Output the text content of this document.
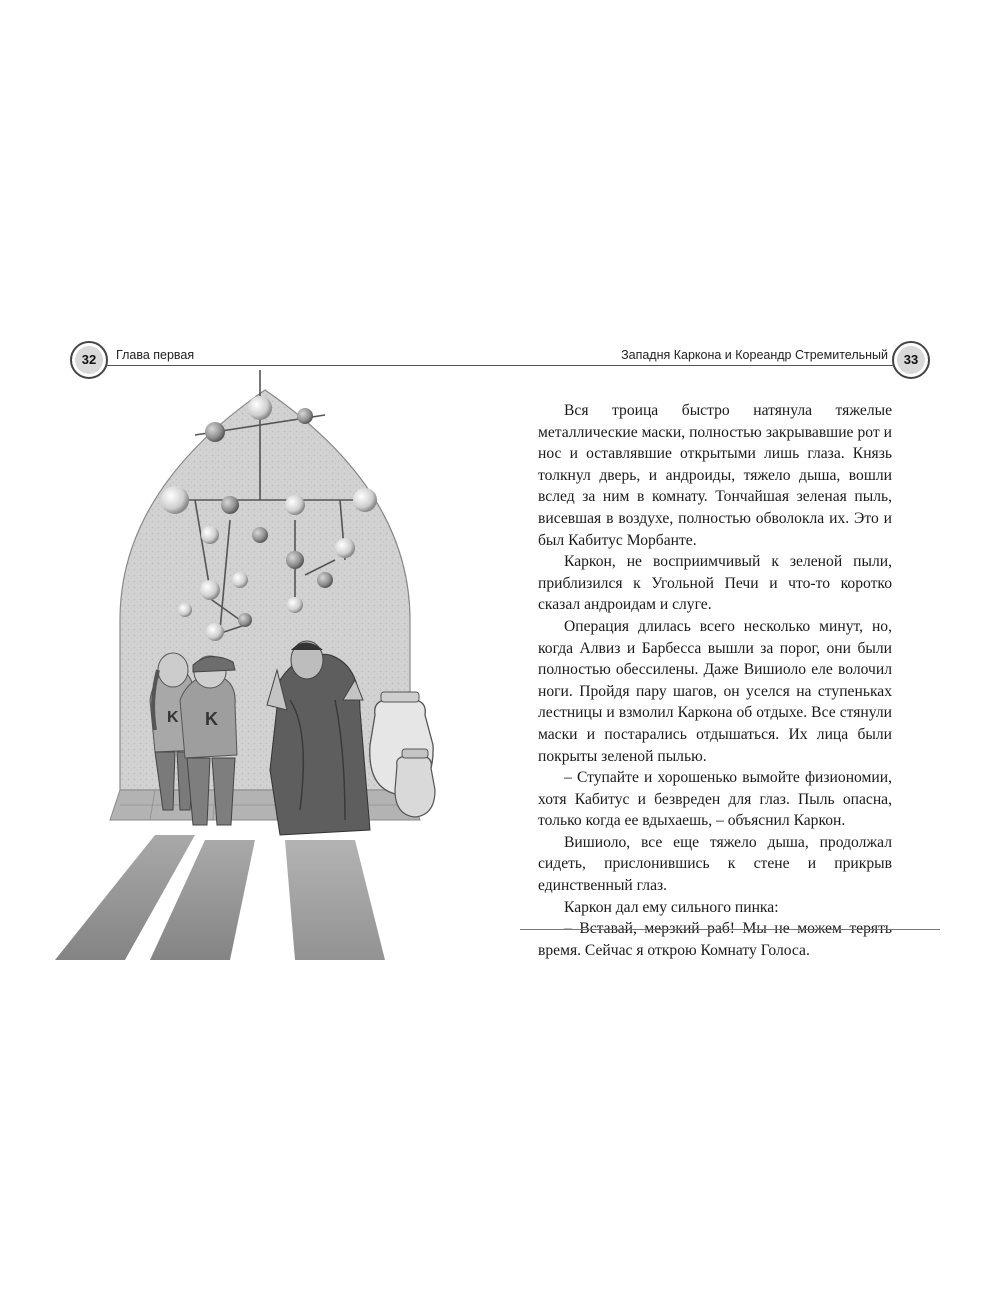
32	Глава первая	Западня Каркона и Кореандр Стремительный	33
K K

Вся троица быстро натянула тяжелые металлические маски, полностью закрывавшие рот и нос и оставлявшие открытыми лишь глаза. Князь толкнул дверь, и андроиды, тяжело дыша, вошли вслед за ним в комнату. Тончайшая зеленая пыль, висевшая в воздухе, полностью обволокла их. Это и был Кабитус Морбанте.

Каркон, не восприимчивый к зеленой пыли, приблизился к Угольной Печи и что-то коротко сказал андроидам и слуге.

Операция длилась всего несколько минут, но, когда Алвиз и Барбесса вышли за порог, они были полностью обессилены. Даже Вишиоло еле волочил ноги. Пройдя пару шагов, он уселся на ступеньках лестницы и взмолил Каркона об отдыхе. Все стянули маски и постарались отдышаться. Их лица были покрыты зеленой пылью.

– Ступайте и хорошенько вымойте физиономии, хотя Кабитус и безвреден для глаз. Пыль опасна, только когда ее вдыхаешь, – объяснил Каркон.

Вишиоло, все еще тяжело дыша, продолжал сидеть, прислонившись к стене и прикрыв единственный глаз.

Каркон дал ему сильного пинка:

– Вставай, мерзкий раб! Мы не можем терять время. Сейчас я открою Комнату Голоса.
